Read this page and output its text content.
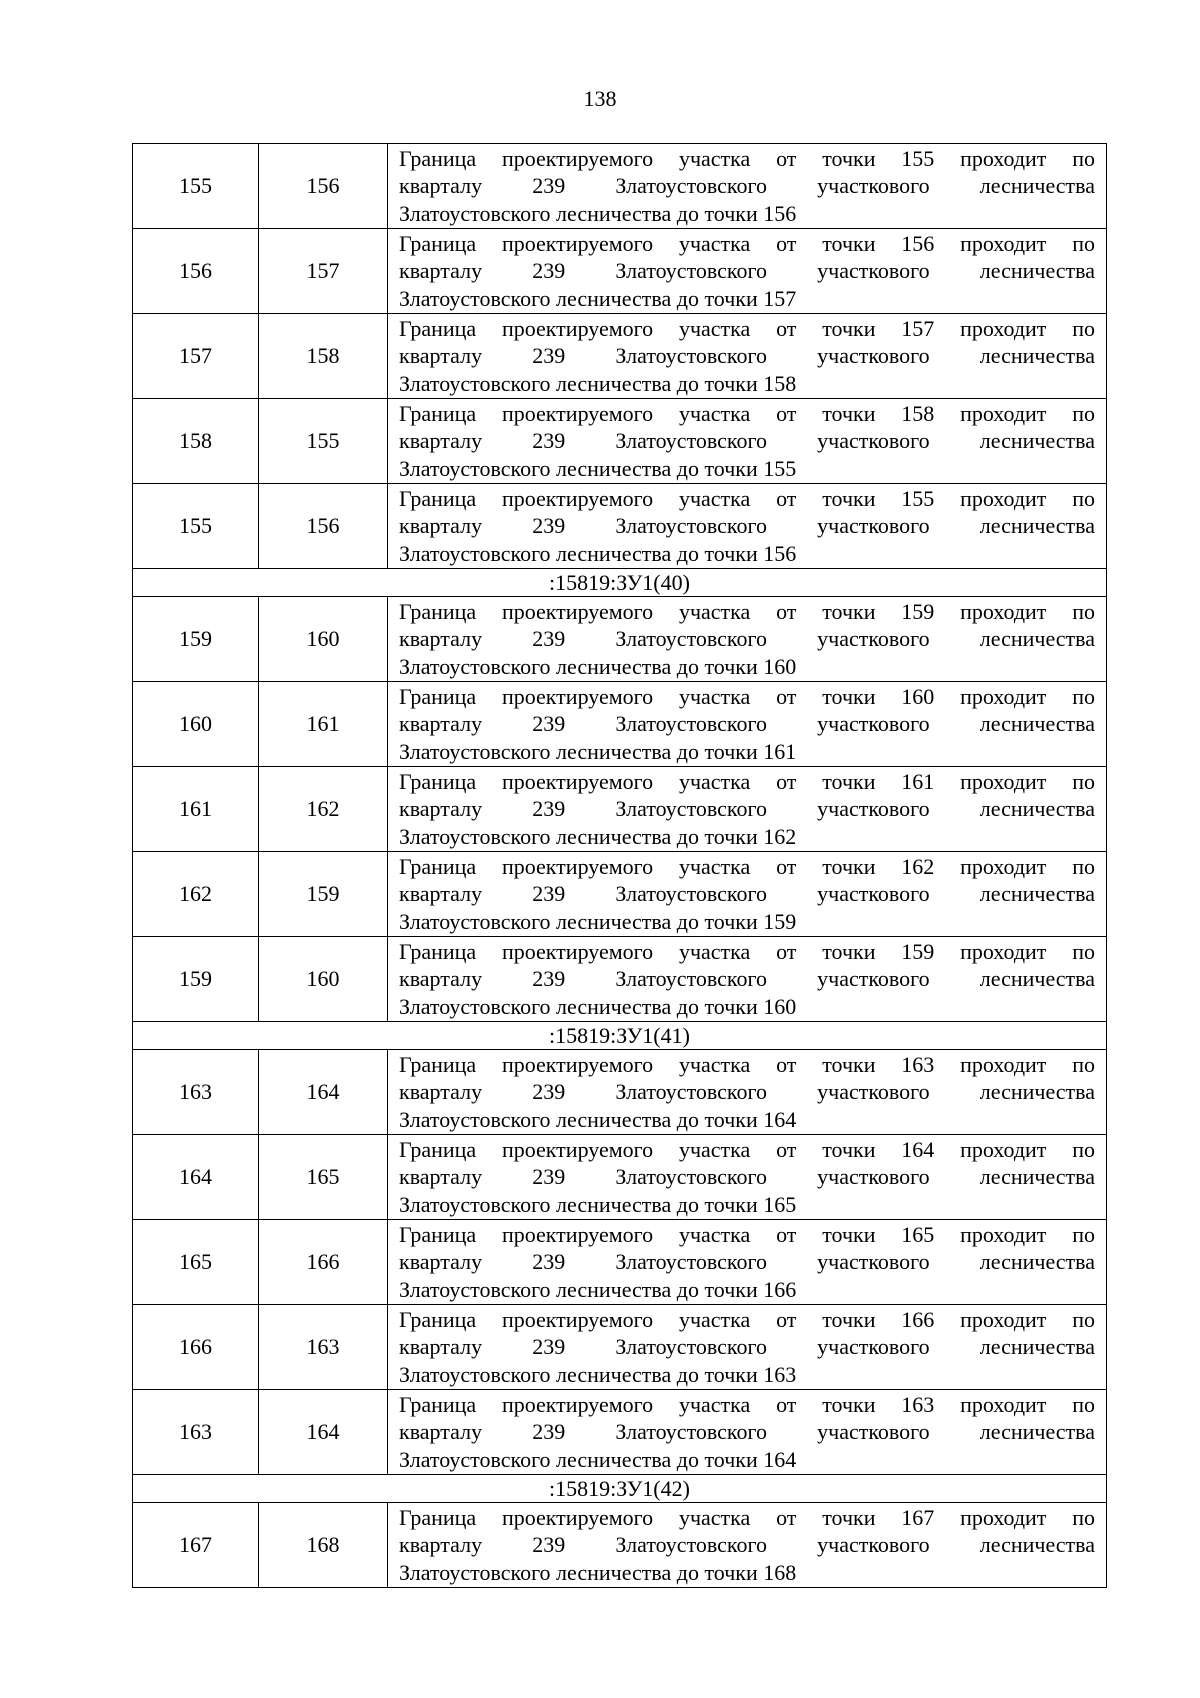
138
155	156	Граница проектируемого участка от точки 155 проходит по
кварталу 239 Златоустовского участкового лесничества
Златоустовского лесничества до точки 156

156	157	Граница проектируемого участка от точки 156 проходит по
кварталу 239 Златоустовского участкового лесничества
Златоустовского лесничества до точки 157

157	158	Граница проектируемого участка от точки 157 проходит по
кварталу 239 Златоустовского участкового лесничества
Златоустовского лесничества до точки 158

158	155	Граница проектируемого участка от точки 158 проходит по
кварталу 239 Златоустовского участкового лесничества
Златоустовского лесничества до точки 155

155	156	Граница проектируемого участка от точки 155 проходит по
кварталу 239 Златоустовского участкового лесничества
Златоустовского лесничества до точки 156

:15819:ЗУ1(40)		
159	160	Граница проектируемого участка от точки 159 проходит по
кварталу 239 Златоустовского участкового лесничества
Златоустовского лесничества до точки 160

160	161	Граница проектируемого участка от точки 160 проходит по
кварталу 239 Златоустовского участкового лесничества
Златоустовского лесничества до точки 161

161	162	Граница проектируемого участка от точки 161 проходит по
кварталу 239 Златоустовского участкового лесничества
Златоустовского лесничества до точки 162

162	159	Граница проектируемого участка от точки 162 проходит по
кварталу 239 Златоустовского участкового лесничества
Златоустовского лесничества до точки 159

159	160	Граница проектируемого участка от точки 159 проходит по
кварталу 239 Златоустовского участкового лесничества
Златоустовского лесничества до точки 160

:15819:ЗУ1(41)		
163	164	Граница проектируемого участка от точки 163 проходит по
кварталу 239 Златоустовского участкового лесничества
Златоустовского лесничества до точки 164

164	165	Граница проектируемого участка от точки 164 проходит по
кварталу 239 Златоустовского участкового лесничества
Златоустовского лесничества до точки 165

165	166	Граница проектируемого участка от точки 165 проходит по
кварталу 239 Златоустовского участкового лесничества
Златоустовского лесничества до точки 166

166	163	Граница проектируемого участка от точки 166 проходит по
кварталу 239 Златоустовского участкового лесничества
Златоустовского лесничества до точки 163

163	164	Граница проектируемого участка от точки 163 проходит по
кварталу 239 Златоустовского участкового лесничества
Златоустовского лесничества до точки 164

:15819:ЗУ1(42)		
167	168	Граница проектируемого участка от точки 167 проходит по
кварталу 239 Златоустовского участкового лесничества
Златоустовского лесничества до точки 168
